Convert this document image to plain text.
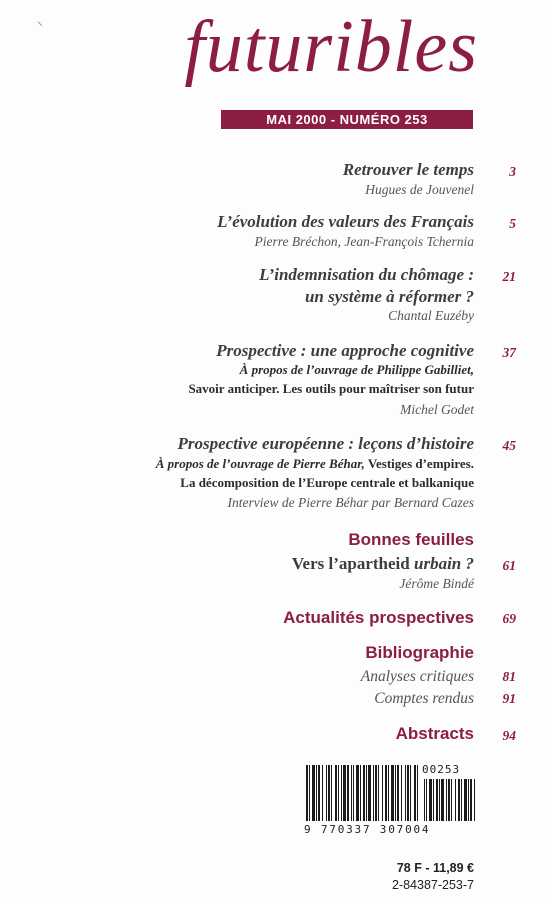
⸜ futuribles
MAI 2000 - NUMÉRO 253
Retrouver le temps	3
Hugues de Jouvenel
L’évolution des valeurs des Français	5
Pierre Bréchon, Jean-François Tchernia
L’indemnisation du chômage :	21
un système à réformer ?
Chantal Euzéby
Prospective : une approche cognitive	37
À propos de l’ouvrage de Philippe Gabilliet,
Savoir anticiper. Les outils pour maîtriser son futur
Michel Godet
Prospective européenne : leçons d’histoire	45
À propos de l’ouvrage de Pierre Béhar, Vestiges d’empires.
La décomposition de l’Europe centrale et balkanique
Interview de Pierre Béhar par Bernard Cazes
Bonnes feuilles
Vers l’apartheid urbain ?	61
Jérôme Bindé
Actualités prospectives	69
Bibliographie
Analyses critiques	81
Comptes rendus	91
Abstracts	94
00253
9 770337 307004
78 F - 11,89 €
2-84387-253-7
